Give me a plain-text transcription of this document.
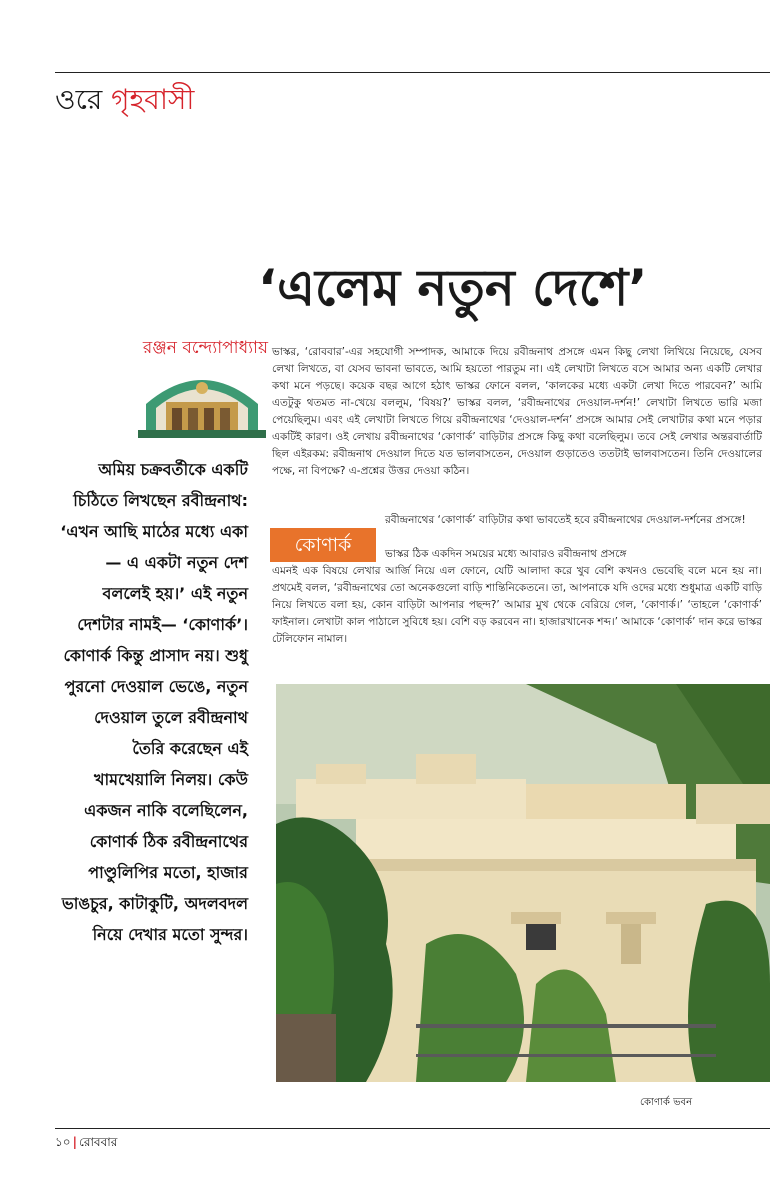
ওরে গৃহবাসী
‘এলেম নতুন দেশে’
রঞ্জন বন্দ্যোপাধ্যায়
অমিয় চক্রবর্তীকে একটি চিঠিতে লিখছেন রবীন্দ্রনাথ: ‘এখন আছি মাঠের মধ্যে একা— এ একটা নতুন দেশ বললেই হয়।’ এই নতুন দেশটার নামই— ‘কোণার্ক’। কোণার্ক কিন্তু প্রাসাদ নয়। শুধু পুরনো দেওয়াল ভেঙে, নতুন দেওয়াল তুলে রবীন্দ্রনাথ তৈরি করেছেন এই খামখেয়ালি নিলয়। কেউ একজন নাকি বলেছিলেন, কোণার্ক ঠিক রবীন্দ্রনাথের পাণ্ডুলিপির মতো, হাজার ভাঙচুর, কাটাকুটি, অদলবদল নিয়ে দেখার মতো সুন্দর।
ভাস্কর, ‘রোববার’-এর সহযোগী সম্পাদক, আমাকে দিয়ে রবীন্দ্রনাথ প্রসঙ্গে এমন কিছু লেখা লিখিয়ে নিয়েছে, যেসব লেখা লিখতে, বা যেসব ভাবনা ভাবতে, আমি হয়তো পারতুম না। এই লেখাটা লিখতে বসে আমার অন্য একটি লেখার কথা মনে পড়ছে। কয়েক বছর আগে হঠাৎ ভাস্কর ফোনে বলল, ‘কালকের মধ্যে একটা লেখা দিতে পারবেন?’ আমি এতটুকু থতমত না-খেয়ে বললুম, ‘বিষয়?’ ভাস্কর বলল, ‘রবীন্দ্রনাথের দেওয়াল-দর্শন!’ লেখাটা লিখতে ভারি মজা পেয়েছিলুম। এবং এই লেখাটা লিখতে গিয়ে রবীন্দ্রনাথের ‘দেওয়াল-দর্শন’ প্রসঙ্গে আমার সেই লেখাটার কথা মনে পড়ার একটিই কারণ। ওই লেখায় রবীন্দ্রনাথের ‘কোণার্ক’ বাড়িটার প্রসঙ্গে কিছু কথা বলেছিলুম। তবে সেই লেখার অন্তরবার্তাটি ছিল এইরকম: রবীন্দ্রনাথ দেওয়াল দিতে যত ভালবাসতেন, দেওয়াল গুড়াতেও ততটাই ভালবাসতেন। তিনি দেওয়ালের পক্ষে, না বিপক্ষে? এ-প্রশ্নের উত্তর দেওয়া কঠিন।
রবীন্দ্রনাথের ‘কোণার্ক’ বাড়িটার কথা ভাবতেই হবে রবীন্দ্রনাথের দেওয়াল-দর্শনের প্রসঙ্গে!
কোণার্ক	ভাস্কর ঠিক একদিন সময়ের মধ্যে আবারও রবীন্দ্রনাথ প্রসঙ্গে
এমনই এক বিষয়ে লেখার আর্জি নিয়ে এল ফোনে, যেটি আলাদা করে খুব বেশি কখনও ভেবেছি বলে মনে হয় না। প্রথমেই বলল, ‘রবীন্দ্রনাথের তো অনেকগুলো বাড়ি শান্তিনিকেতনে। তা, আপনাকে যদি ওদের মধ্যে শুধুমাত্র একটি বাড়ি নিয়ে লিখতে বলা হয়, কোন বাড়িটা আপনার পছন্দ?’ আমার মুখ থেকে বেরিয়ে গেল, ‘কোণার্ক।’ ‘তাহলে ‘কোণার্ক’ ফাইনাল। লেখাটা কাল পাঠালে সুবিধে হয়। বেশি বড় করবেন না। হাজারখানেক শব্দ।’ আমাকে ‘কোণার্ক’ দান করে ভাস্কর টেলিফোন নামাল।
কোণার্ক ভবন
১০ | রোববার
